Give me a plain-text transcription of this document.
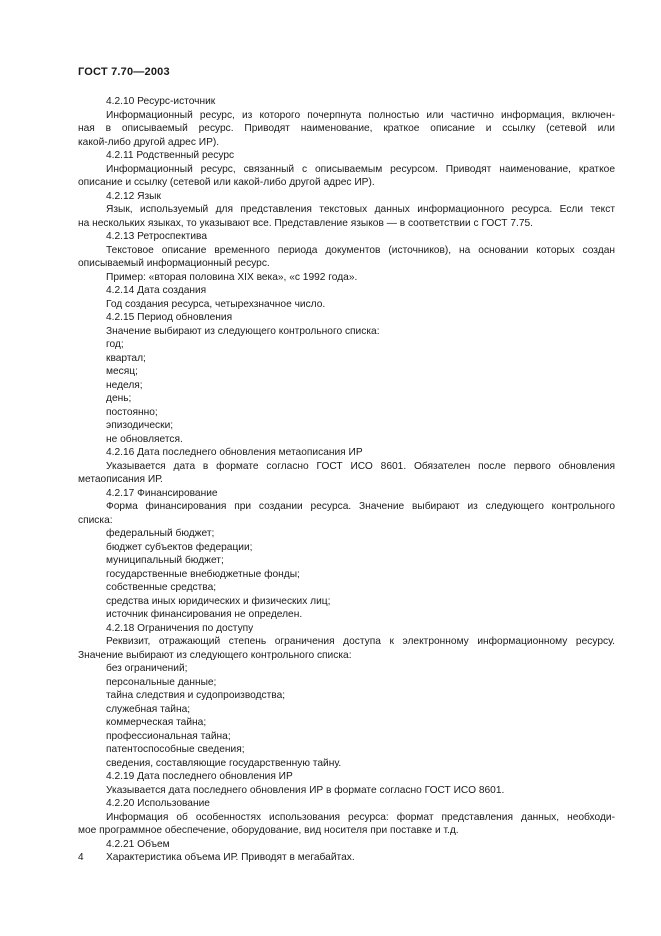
ГОСТ 7.70—2003
4.2.10 Ресурс-источник
Информационный ресурс, из которого почерпнута полностью или частично информация, включен-
ная в описываемый ресурс. Приводят наименование, краткое описание и ссылку (сетевой или
какой-либо другой адрес ИР).
4.2.11 Родственный ресурс
Информационный ресурс, связанный с описываемым ресурсом. Приводят наименование, краткое
описание и ссылку (сетевой или какой-либо другой адрес ИР).
4.2.12 Язык
Язык, используемый для представления текстовых данных информационного ресурса. Если текст
на нескольких языках, то указывают все. Представление языков — в соответствии с ГОСТ 7.75.
4.2.13 Ретроспектива
Текстовое описание временного периода документов (источников), на основании которых создан
описываемый информационный ресурс.
Пример: «вторая половина XIX века», «с 1992 года».
4.2.14 Дата создания
Год создания ресурса, четырехзначное число.
4.2.15 Период обновления
Значение выбирают из следующего контрольного списка:
год;
квартал;
месяц;
неделя;
день;
постоянно;
эпизодически;
не обновляется.
4.2.16 Дата последнего обновления метаописания ИР
Указывается дата в формате согласно ГОСТ ИСО 8601. Обязателен после первого обновления
метаописания ИР.
4.2.17 Финансирование
Форма финансирования при создании ресурса. Значение выбирают из следующего контрольного
списка:
федеральный бюджет;
бюджет субъектов федерации;
муниципальный бюджет;
государственные внебюджетные фонды;
собственные средства;
средства иных юридических и физических лиц;
источник финансирования не определен.
4.2.18 Ограничения по доступу
Реквизит, отражающий степень ограничения доступа к электронному информационному ресурсу.
Значение выбирают из следующего контрольного списка:
без ограничений;
персональные данные;
тайна следствия и судопроизводства;
служебная тайна;
коммерческая тайна;
профессиональная тайна;
патентоспособные сведения;
сведения, составляющие государственную тайну.
4.2.19 Дата последнего обновления ИР
Указывается дата последнего обновления ИР в формате согласно ГОСТ ИСО 8601.
4.2.20 Использование
Информация об особенностях использования ресурса: формат представления данных, необходи-
мое программное обеспечение, оборудование, вид носителя при поставке и т.д.
4.2.21 Объем
Характеристика объема ИР. Приводят в мегабайтах.
4
